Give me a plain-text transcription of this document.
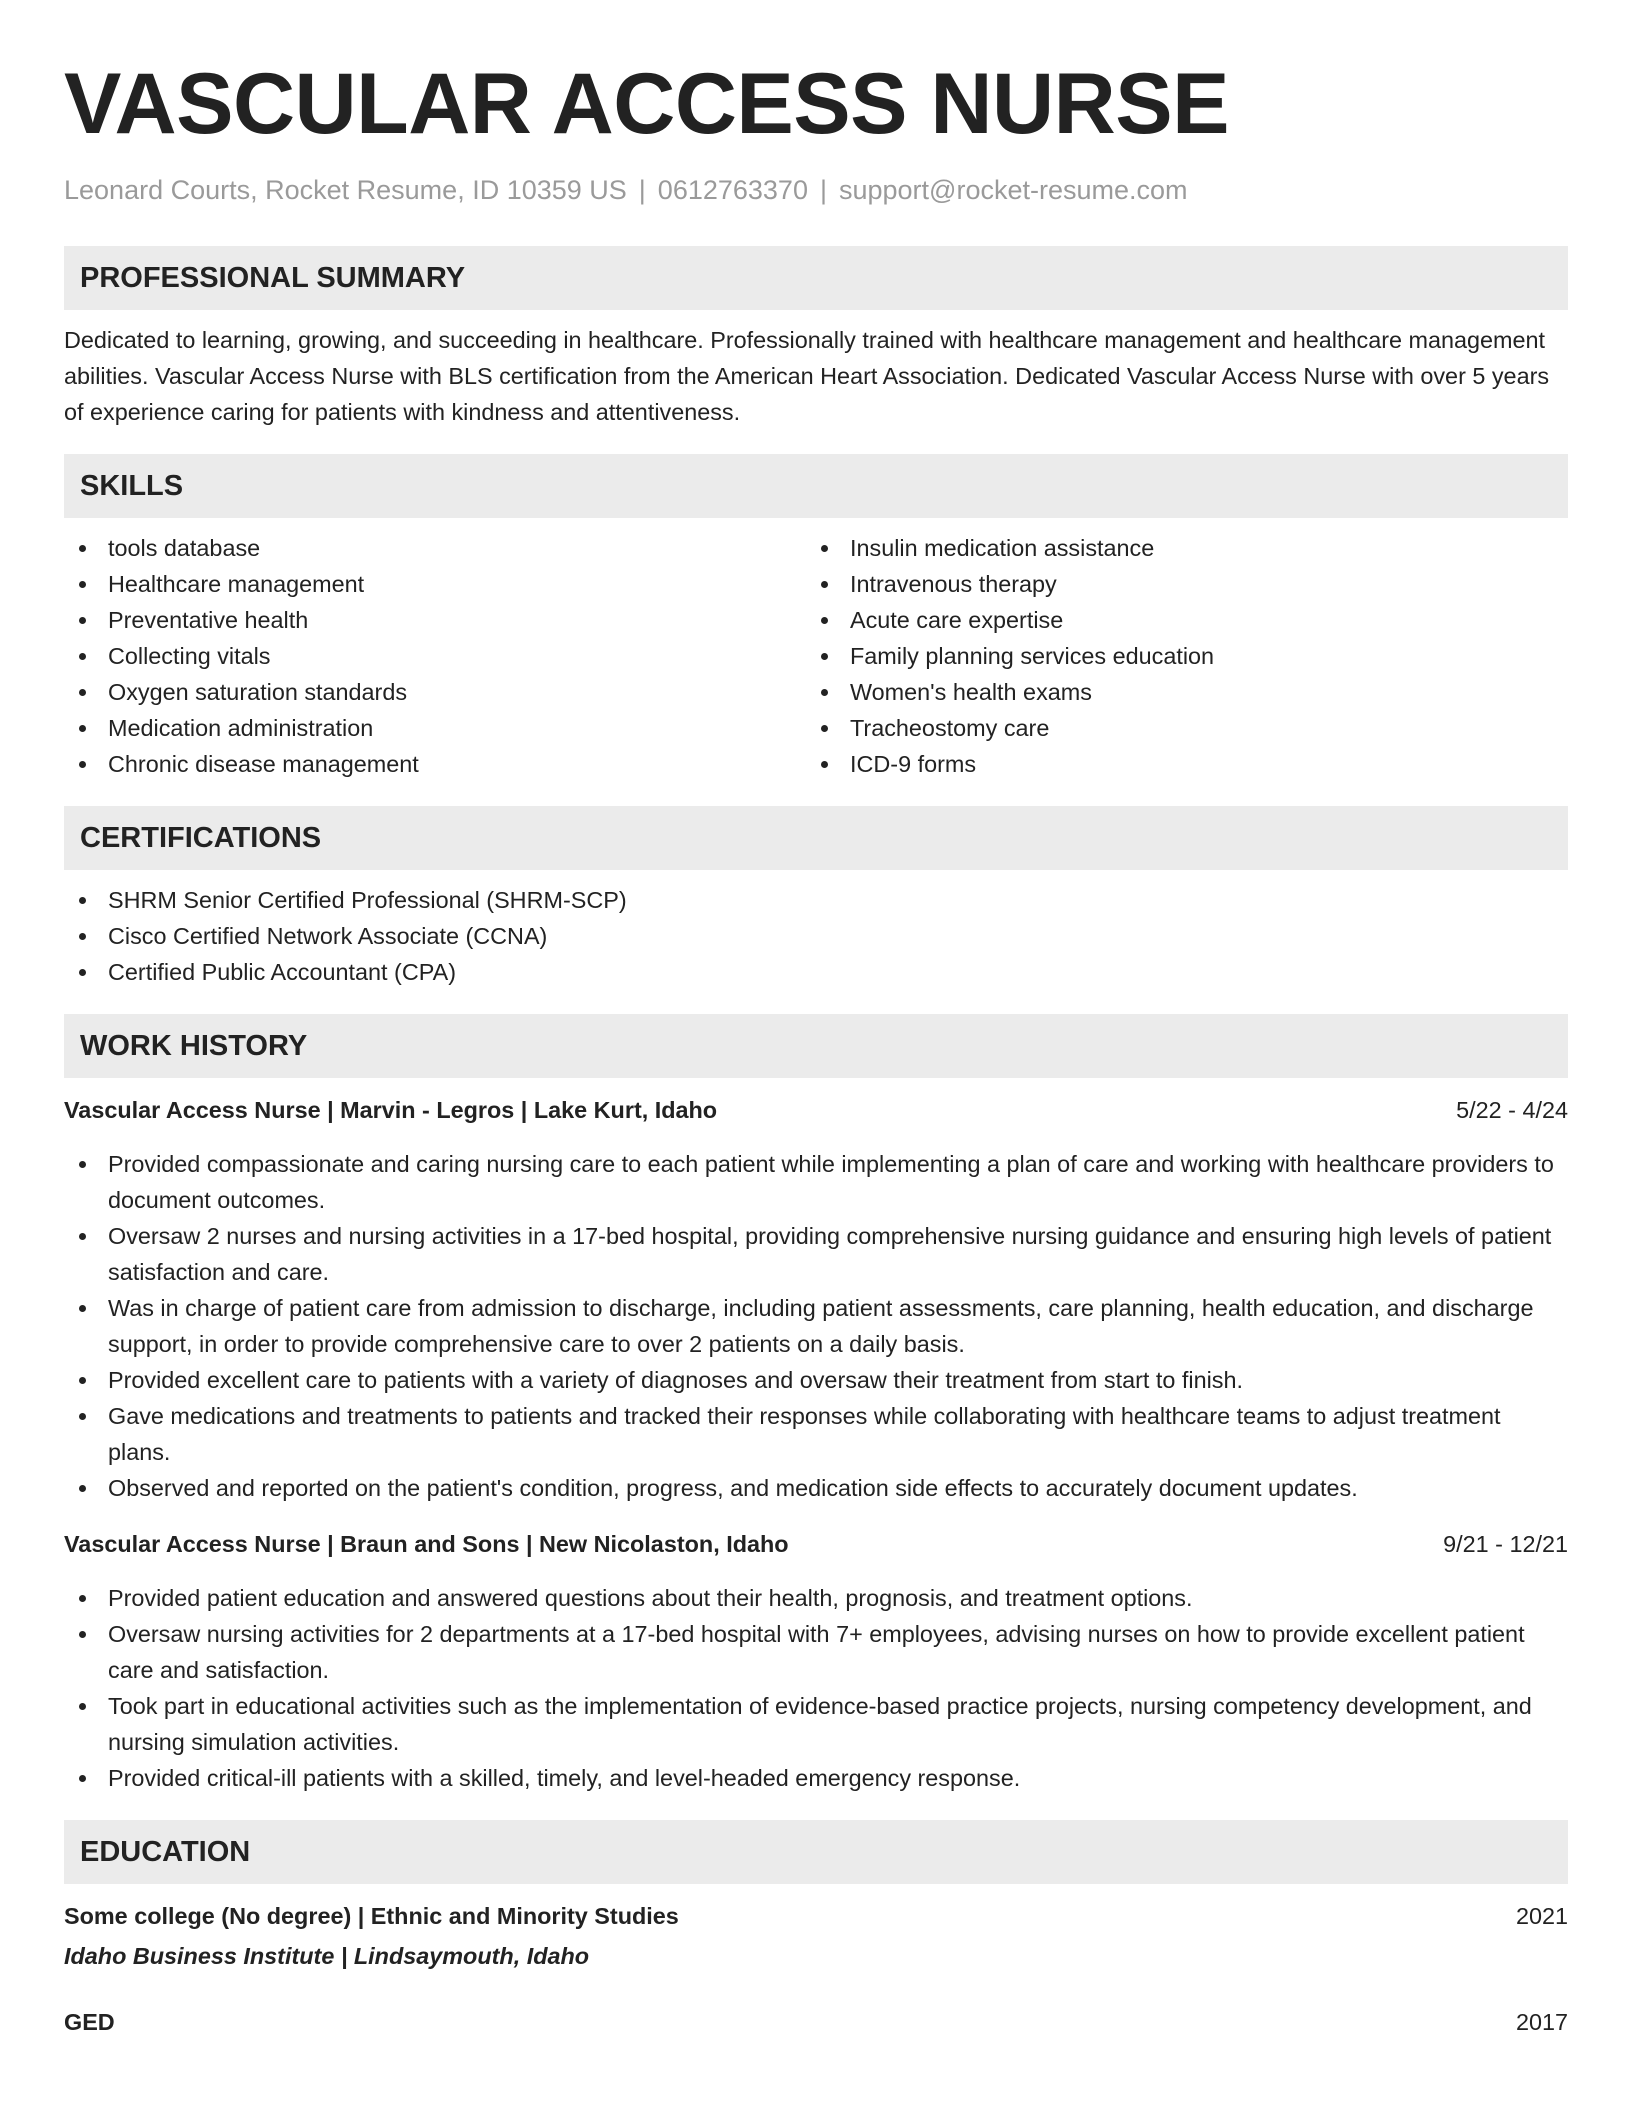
VASCULAR ACCESS NURSE
Leonard Courts, Rocket Resume, ID 10359 US | 0612763370 | support@rocket-resume.com
PROFESSIONAL SUMMARY
Dedicated to learning, growing, and succeeding in healthcare. Professionally trained with healthcare management and healthcare management abilities. Vascular Access Nurse with BLS certification from the American Heart Association. Dedicated Vascular Access Nurse with over 5 years of experience caring for patients with kindness and attentiveness.
SKILLS
tools database
Healthcare management
Preventative health
Collecting vitals
Oxygen saturation standards
Medication administration
Chronic disease management
Insulin medication assistance
Intravenous therapy
Acute care expertise
Family planning services education
Women's health exams
Tracheostomy care
ICD-9 forms
CERTIFICATIONS
SHRM Senior Certified Professional (SHRM-SCP)
Cisco Certified Network Associate (CCNA)
Certified Public Accountant (CPA)
WORK HISTORY
Vascular Access Nurse | Marvin - Legros | Lake Kurt, Idaho	5/22 - 4/24
Provided compassionate and caring nursing care to each patient while implementing a plan of care and working with healthcare providers to document outcomes.
Oversaw 2 nurses and nursing activities in a 17-bed hospital, providing comprehensive nursing guidance and ensuring high levels of patient satisfaction and care.
Was in charge of patient care from admission to discharge, including patient assessments, care planning, health education, and discharge support, in order to provide comprehensive care to over 2 patients on a daily basis.
Provided excellent care to patients with a variety of diagnoses and oversaw their treatment from start to finish.
Gave medications and treatments to patients and tracked their responses while collaborating with healthcare teams to adjust treatment plans.
Observed and reported on the patient's condition, progress, and medication side effects to accurately document updates.
Vascular Access Nurse | Braun and Sons | New Nicolaston, Idaho	9/21 - 12/21
Provided patient education and answered questions about their health, prognosis, and treatment options.
Oversaw nursing activities for 2 departments at a 17-bed hospital with 7+ employees, advising nurses on how to provide excellent patient care and satisfaction.
Took part in educational activities such as the implementation of evidence-based practice projects, nursing competency development, and nursing simulation activities.
Provided critical-ill patients with a skilled, timely, and level-headed emergency response.
EDUCATION
Some college (No degree) | Ethnic and Minority Studies	2021
Idaho Business Institute | Lindsaymouth, Idaho
GED	2017
